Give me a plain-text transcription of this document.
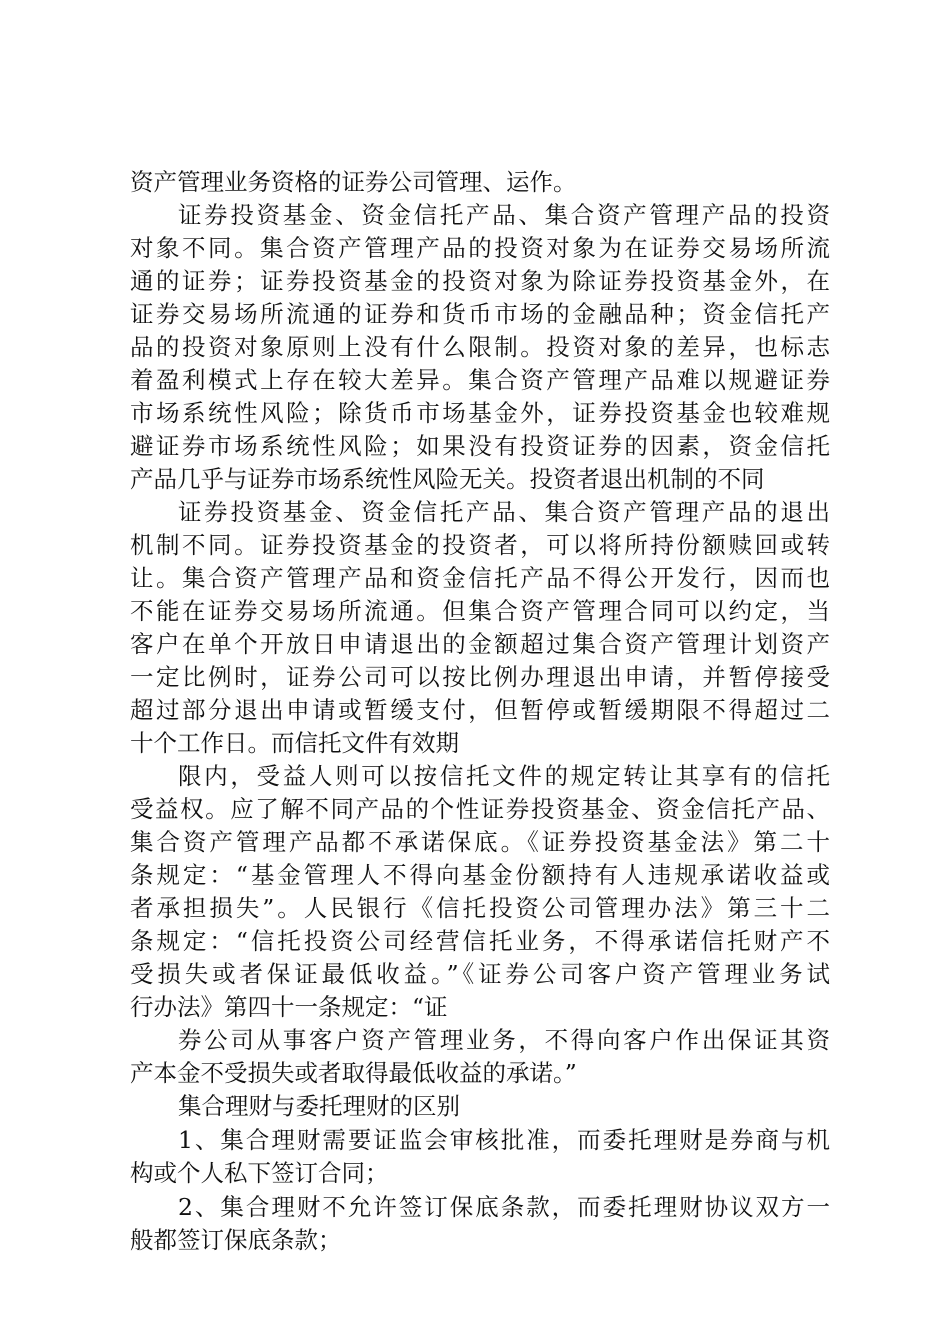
资产管理业务资格的证券公司管理、运作。
证券投资基金、资金信托产品、集合资产管理产品的投资
对象不同。集合资产管理产品的投资对象为在证券交易场所流
通的证券；证券投资基金的投资对象为除证券投资基金外，在
证券交易场所流通的证券和货币市场的金融品种；资金信托产
品的投资对象原则上没有什么限制。投资对象的差异，也标志
着盈利模式上存在较大差异。集合资产管理产品难以规避证券
市场系统性风险；除货币市场基金外，证券投资基金也较难规
避证券市场系统性风险；如果没有投资证券的因素，资金信托
产品几乎与证券市场系统性风险无关。投资者退出机制的不同
证券投资基金、资金信托产品、集合资产管理产品的退出
机制不同。证券投资基金的投资者，可以将所持份额赎回或转
让。集合资产管理产品和资金信托产品不得公开发行，因而也
不能在证券交易场所流通。但集合资产管理合同可以约定，当
客户在单个开放日申请退出的金额超过集合资产管理计划资产
一定比例时，证券公司可以按比例办理退出申请，并暂停接受
超过部分退出申请或暂缓支付，但暂停或暂缓期限不得超过二
十个工作日。而信托文件有效期
限内，受益人则可以按信托文件的规定转让其享有的信托
受益权。应了解不同产品的个性证券投资基金、资金信托产品、
集合资产管理产品都不承诺保底。《证券投资基金法》第二十
条规定：“基金管理人不得向基金份额持有人违规承诺收益或
者承担损失”。人民银行《信托投资公司管理办法》第三十二
条规定：“信托投资公司经营信托业务，不得承诺信托财产不
受损失或者保证最低收益。”《证券公司客户资产管理业务试
行办法》第四十一条规定：“证
券公司从事客户资产管理业务，不得向客户作出保证其资
产本金不受损失或者取得最低收益的承诺。”
集合理财与委托理财的区别
1、集合理财需要证监会审核批准，而委托理财是券商与机
构或个人私下签订合同；
2、集合理财不允许签订保底条款，而委托理财协议双方一
般都签订保底条款；
